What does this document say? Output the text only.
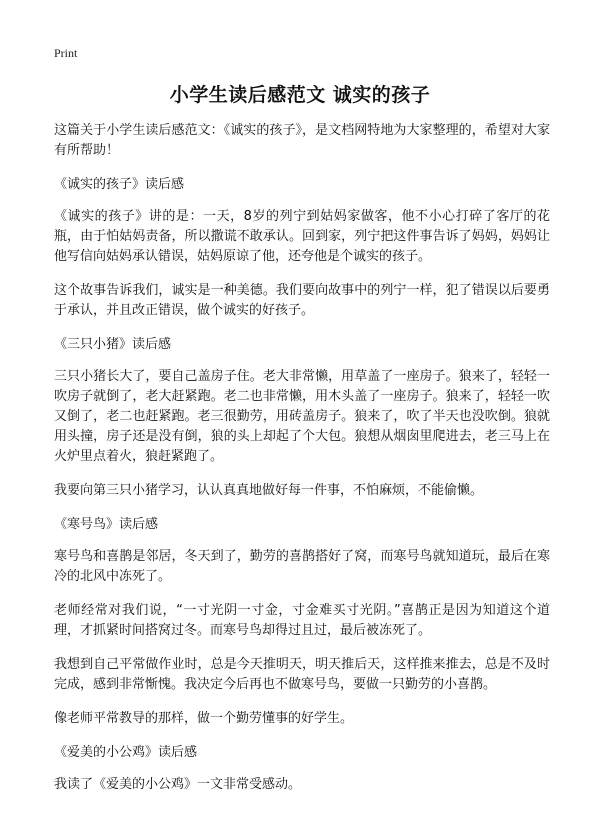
Print
小学生读后感范文 诚实的孩子

这篇关于小学生读后感范文：《诚实的孩子》，是文档网特地为大家整理的，希望对大家有所帮助！

《诚实的孩子》读后感

《诚实的孩子》讲的是：一天，8岁的列宁到姑妈家做客，他不小心打碎了客厅的花瓶，由于怕姑妈责备，所以撒谎不敢承认。回到家，列宁把这件事告诉了妈妈，妈妈让他写信向姑妈承认错误，姑妈原谅了他，还夸他是个诚实的孩子。

这个故事告诉我们，诚实是一种美德。我们要向故事中的列宁一样，犯了错误以后要勇于承认，并且改正错误，做个诚实的好孩子。

《三只小猪》读后感

三只小猪长大了，要自己盖房子住。老大非常懒，用草盖了一座房子。狼来了，轻轻一吹房子就倒了，老大赶紧跑。老二也非常懒，用木头盖了一座房子。狼来了，轻轻一吹又倒了，老二也赶紧跑。老三很勤劳，用砖盖房子。狼来了，吹了半天也没吹倒。狼就用头撞，房子还是没有倒，狼的头上却起了个大包。狼想从烟囱里爬进去，老三马上在火炉里点着火，狼赶紧跑了。

我要向第三只小猪学习，认认真真地做好每一件事，不怕麻烦，不能偷懒。

《寒号鸟》读后感

寒号鸟和喜鹊是邻居，冬天到了，勤劳的喜鹊搭好了窝，而寒号鸟就知道玩，最后在寒冷的北风中冻死了。

老师经常对我们说，“一寸光阴一寸金，寸金难买寸光阴。”喜鹊正是因为知道这个道理，才抓紧时间搭窝过冬。而寒号鸟却得过且过，最后被冻死了。

我想到自己平常做作业时，总是今天推明天，明天推后天，这样推来推去，总是不及时完成，感到非常惭愧。我决定今后再也不做寒号鸟，要做一只勤劳的小喜鹊。

像老师平常教导的那样，做一个勤劳懂事的好学生。

《爱美的小公鸡》读后感

我读了《爱美的小公鸡》一文非常受感动。
